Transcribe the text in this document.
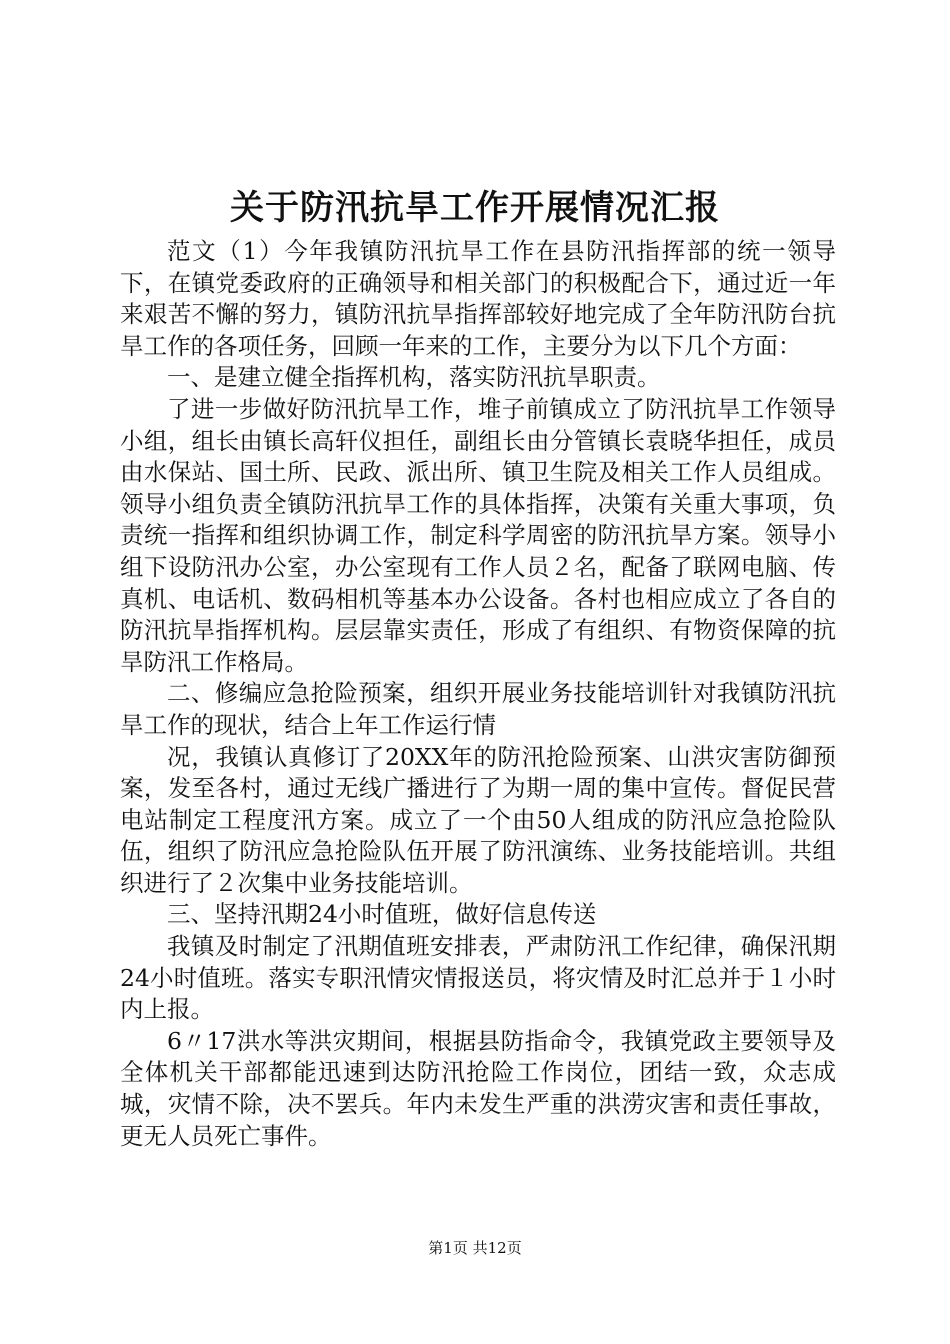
关于防汛抗旱工作开展情况汇报

范文（1）今年我镇防汛抗旱工作在县防汛指挥部的统一领导下，在镇党委政府的正确领导和相关部门的积极配合下，通过近一年来艰苦不懈的努力，镇防汛抗旱指挥部较好地完成了全年防汛防台抗旱工作的各项任务，回顾一年来的工作，主要分为以下几个方面：

一、是建立健全指挥机构，落实防汛抗旱职责。

了进一步做好防汛抗旱工作，堆子前镇成立了防汛抗旱工作领导小组，组长由镇长高轩仪担任，副组长由分管镇长袁晓华担任，成员由水保站、国土所、民政、派出所、镇卫生院及相关工作人员组成。领导小组负责全镇防汛抗旱工作的具体指挥，决策有关重大事项，负责统一指挥和组织协调工作，制定科学周密的防汛抗旱方案。领导小组下设防汛办公室，办公室现有工作人员２名，配备了联网电脑、传真机、电话机、数码相机等基本办公设备。各村也相应成立了各自的防汛抗旱指挥机构。层层靠实责任，形成了有组织、有物资保障的抗旱防汛工作格局。

二、修编应急抢险预案，组织开展业务技能培训针对我镇防汛抗旱工作的现状，结合上年工作运行情

况，我镇认真修订了20XX年的防汛抢险预案、山洪灾害防御预案，发至各村，通过无线广播进行了为期一周的集中宣传。督促民营电站制定工程度汛方案。成立了一个由50人组成的防汛应急抢险队伍，组织了防汛应急抢险队伍开展了防汛演练、业务技能培训。共组织进行了２次集中业务技能培训。

三、坚持汛期24小时值班，做好信息传送

我镇及时制定了汛期值班安排表，严肃防汛工作纪律，确保汛期24小时值班。落实专职汛情灾情报送员，将灾情及时汇总并于１小时内上报。

6〃17洪水等洪灾期间，根据县防指命令，我镇党政主要领导及全体机关干部都能迅速到达防汛抢险工作岗位，团结一致，众志成城，灾情不除，决不罢兵。年内未发生严重的洪涝灾害和责任事故，更无人员死亡事件。

第1页 共12页
